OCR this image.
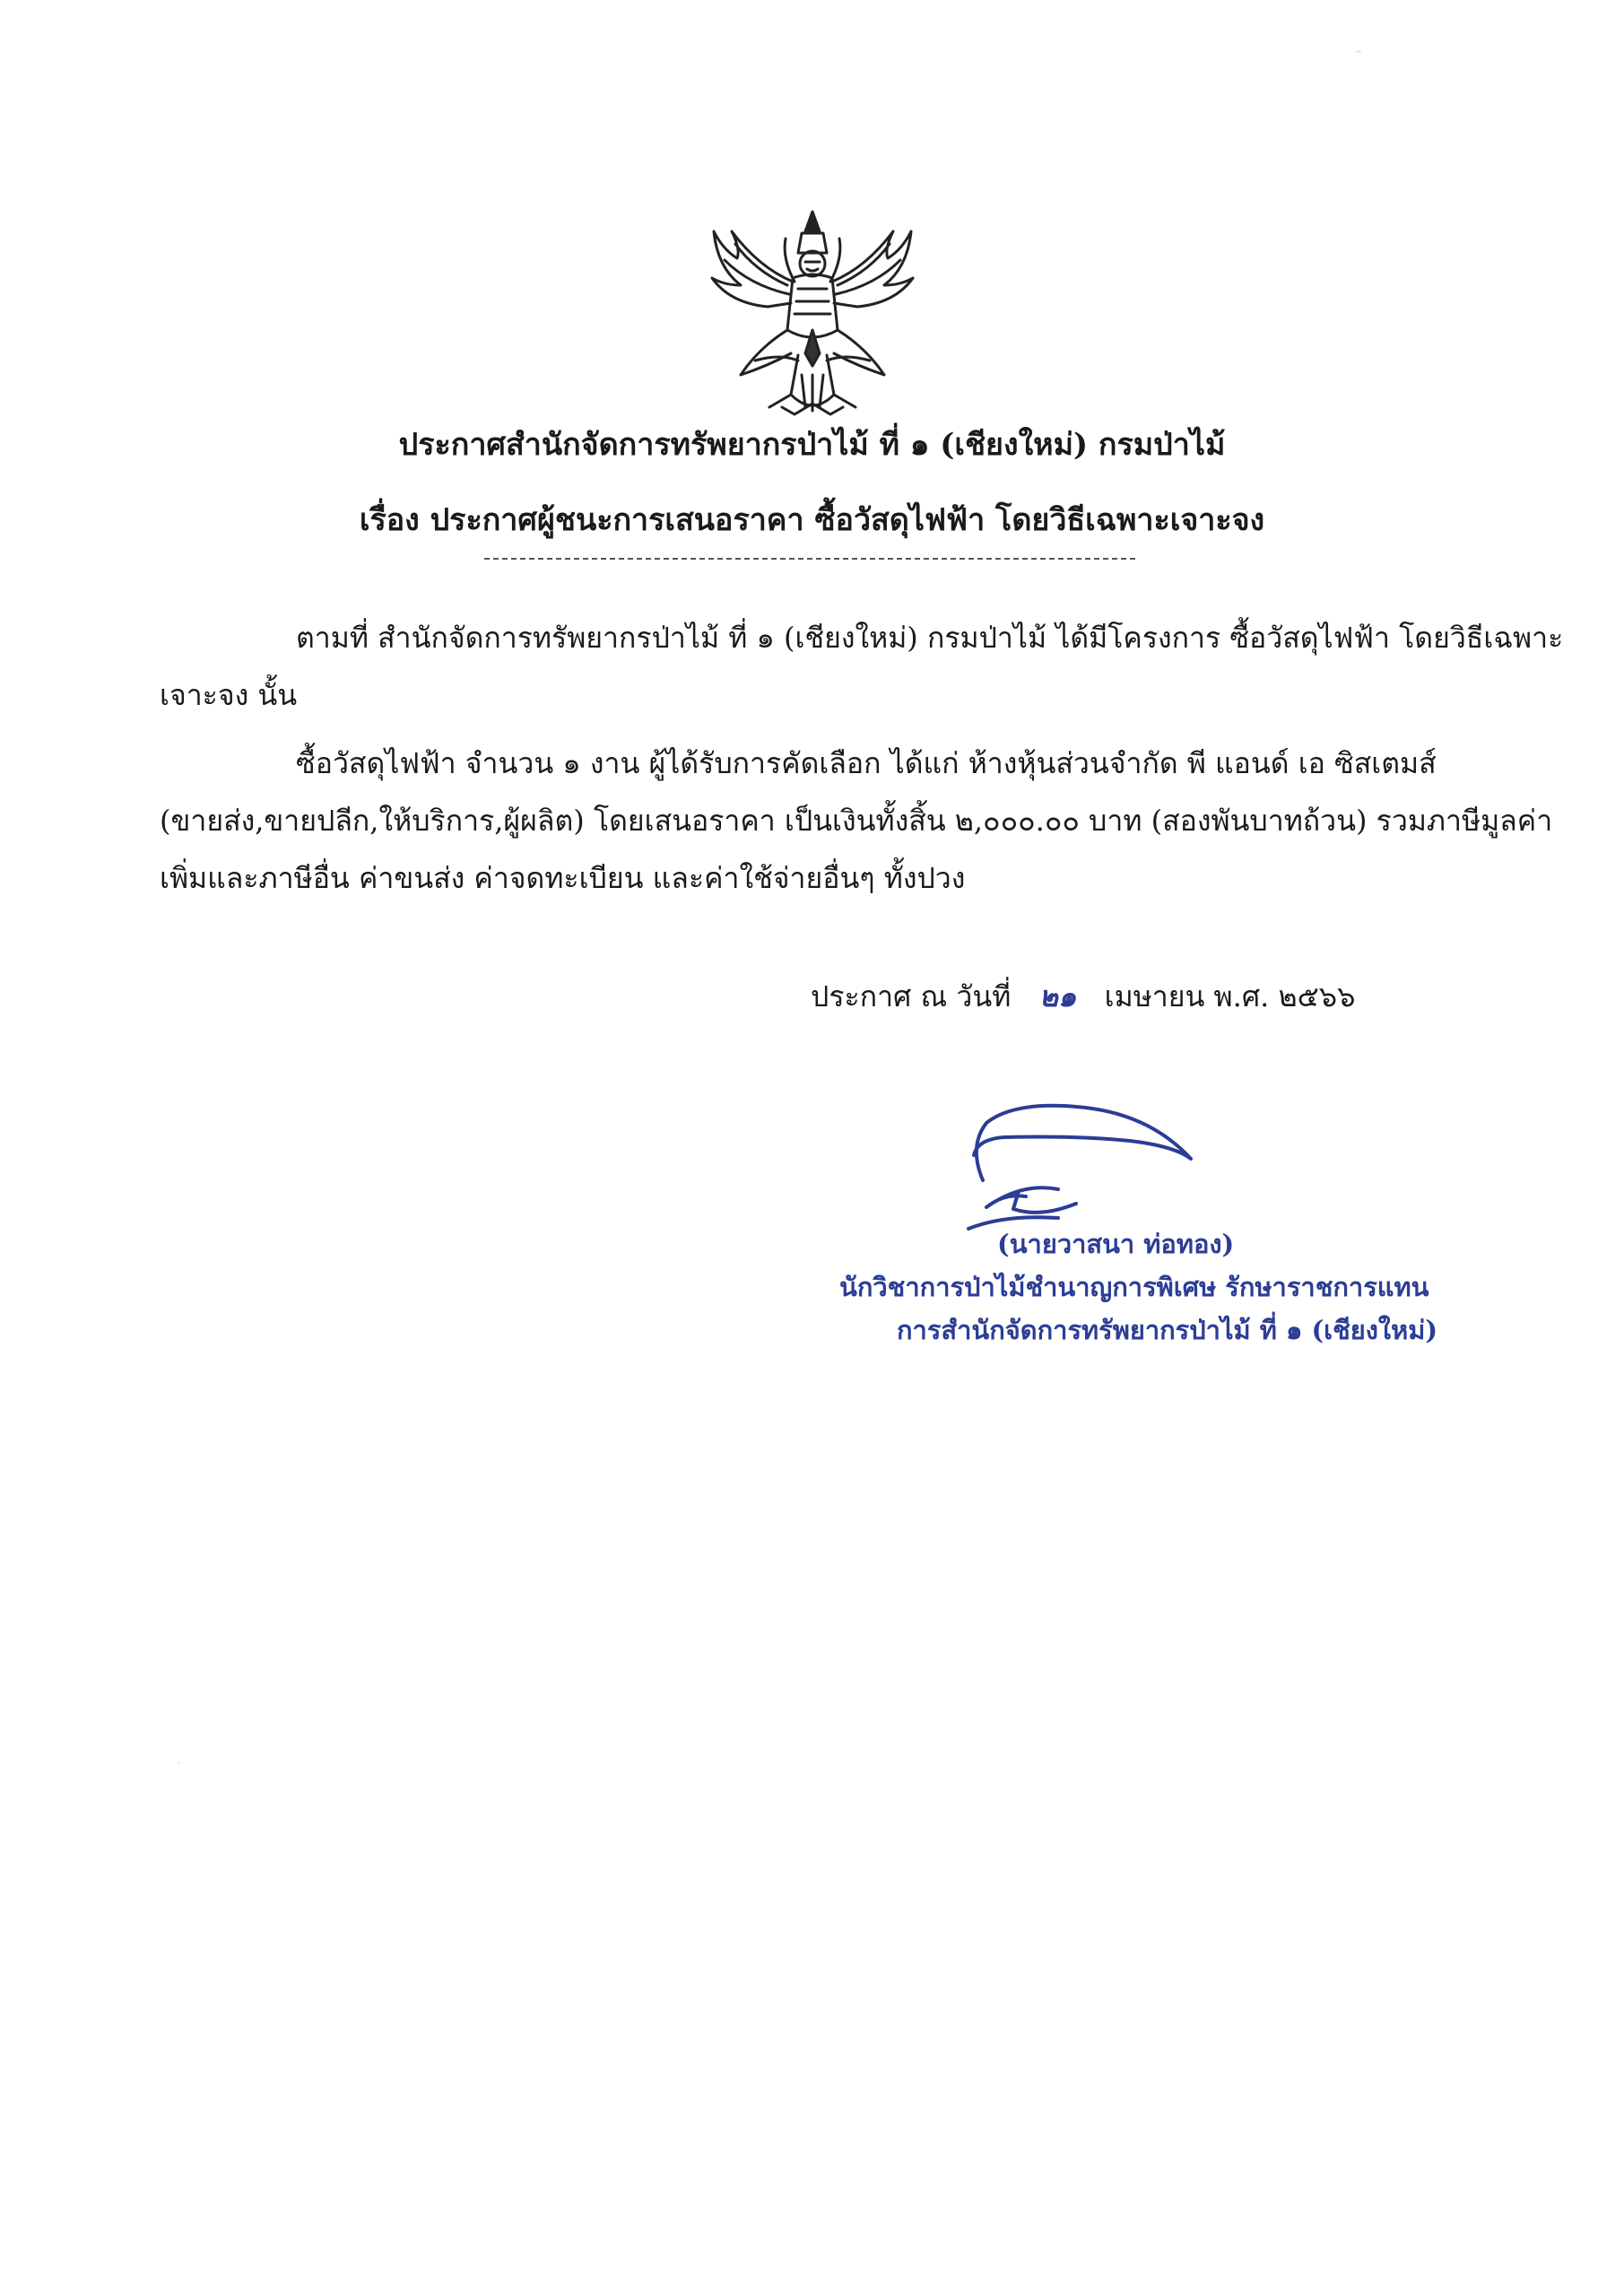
ประกาศสำนักจัดการทรัพยากรป่าไม้ ที่ ๑ (เชียงใหม่) กรมป่าไม้
เรื่อง ประกาศผู้ชนะการเสนอราคา ซื้อวัสดุไฟฟ้า โดยวิธีเฉพาะเจาะจง
ตามที่ สำนักจัดการทรัพยากรป่าไม้ ที่ ๑ (เชียงใหม่) กรมป่าไม้ ได้มีโครงการ ซื้อวัสดุไฟฟ้า โดยวิธีเฉพาะ
เจาะจง นั้น
ซื้อวัสดุไฟฟ้า จำนวน ๑ งาน ผู้ได้รับการคัดเลือก ได้แก่ ห้างหุ้นส่วนจำกัด พี แอนด์ เอ ซิสเตมส์
(ขายส่ง,ขายปลีก,ให้บริการ,ผู้ผลิต) โดยเสนอราคา เป็นเงินทั้งสิ้น ๒,๐๐๐.๐๐ บาท (สองพันบาทถ้วน) รวมภาษีมูลค่า
เพิ่มและภาษีอื่น ค่าขนส่ง ค่าจดทะเบียน และค่าใช้จ่ายอื่นๆ ทั้งปวง
ประกาศ ณ วันที่ ๒๑ เมษายน พ.ศ. ๒๕๖๖
(นายวาสนา ท่อทอง)
นักวิชาการป่าไม้ชำนาญการพิเศษ รักษาราชการแทน
การสำนักจัดการทรัพยากรป่าไม้ ที่ ๑ (เชียงใหม่)
